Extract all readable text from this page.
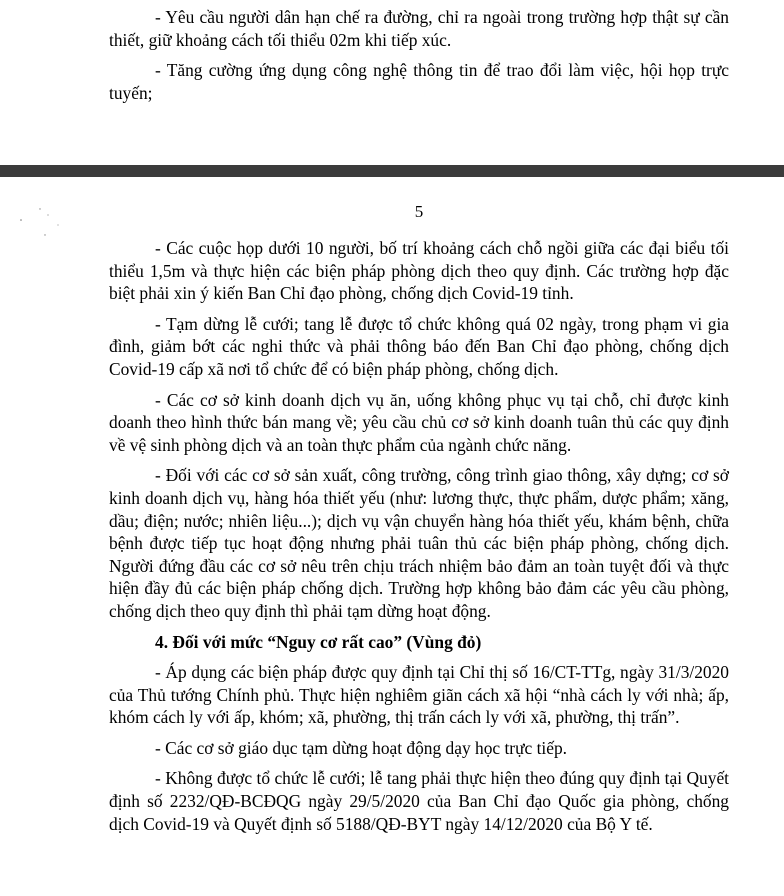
- Yêu cầu người dân hạn chế ra đường, chỉ ra ngoài trong trường hợp thật sự cần thiết, giữ khoảng cách tối thiểu 02m khi tiếp xúc.

- Tăng cường ứng dụng công nghệ thông tin để trao đổi làm việc, hội họp trực tuyến;

5

- Các cuộc họp dưới 10 người, bố trí khoảng cách chỗ ngồi giữa các đại biểu tối thiểu 1,5m và thực hiện các biện pháp phòng dịch theo quy định. Các trường hợp đặc biệt phải xin ý kiến Ban Chỉ đạo phòng, chống dịch Covid-19 tỉnh.

- Tạm dừng lễ cưới; tang lễ được tổ chức không quá 02 ngày, trong phạm vi gia đình, giảm bớt các nghi thức và phải thông báo đến Ban Chỉ đạo phòng, chống dịch Covid-19 cấp xã nơi tổ chức để có biện pháp phòng, chống dịch.

- Các cơ sở kinh doanh dịch vụ ăn, uống không phục vụ tại chỗ, chỉ được kinh doanh theo hình thức bán mang về; yêu cầu chủ cơ sở kinh doanh tuân thủ các quy định về vệ sinh phòng dịch và an toàn thực phẩm của ngành chức năng.

- Đối với các cơ sở sản xuất, công trường, công trình giao thông, xây dựng; cơ sở kinh doanh dịch vụ, hàng hóa thiết yếu (như: lương thực, thực phẩm, dược phẩm; xăng, dầu; điện; nước; nhiên liệu...); dịch vụ vận chuyển hàng hóa thiết yếu, khám bệnh, chữa bệnh được tiếp tục hoạt động nhưng phải tuân thủ các biện pháp phòng, chống dịch. Người đứng đầu các cơ sở nêu trên chịu trách nhiệm bảo đảm an toàn tuyệt đối và thực hiện đầy đủ các biện pháp chống dịch. Trường hợp không bảo đảm các yêu cầu phòng, chống dịch theo quy định thì phải tạm dừng hoạt động.

4. Đối với mức “Nguy cơ rất cao” (Vùng đỏ)

- Áp dụng các biện pháp được quy định tại Chỉ thị số 16/CT-TTg, ngày 31/3/2020 của Thủ tướng Chính phủ. Thực hiện nghiêm giãn cách xã hội “nhà cách ly với nhà; ấp, khóm cách ly với ấp, khóm; xã, phường, thị trấn cách ly với xã, phường, thị trấn”.

- Các cơ sở giáo dục tạm dừng hoạt động dạy học trực tiếp.

- Không được tổ chức lễ cưới; lễ tang phải thực hiện theo đúng quy định tại Quyết định số 2232/QĐ-BCĐQG ngày 29/5/2020 của Ban Chỉ đạo Quốc gia phòng, chống dịch Covid-19 và Quyết định số 5188/QĐ-BYT ngày 14/12/2020 của Bộ Y tế.
